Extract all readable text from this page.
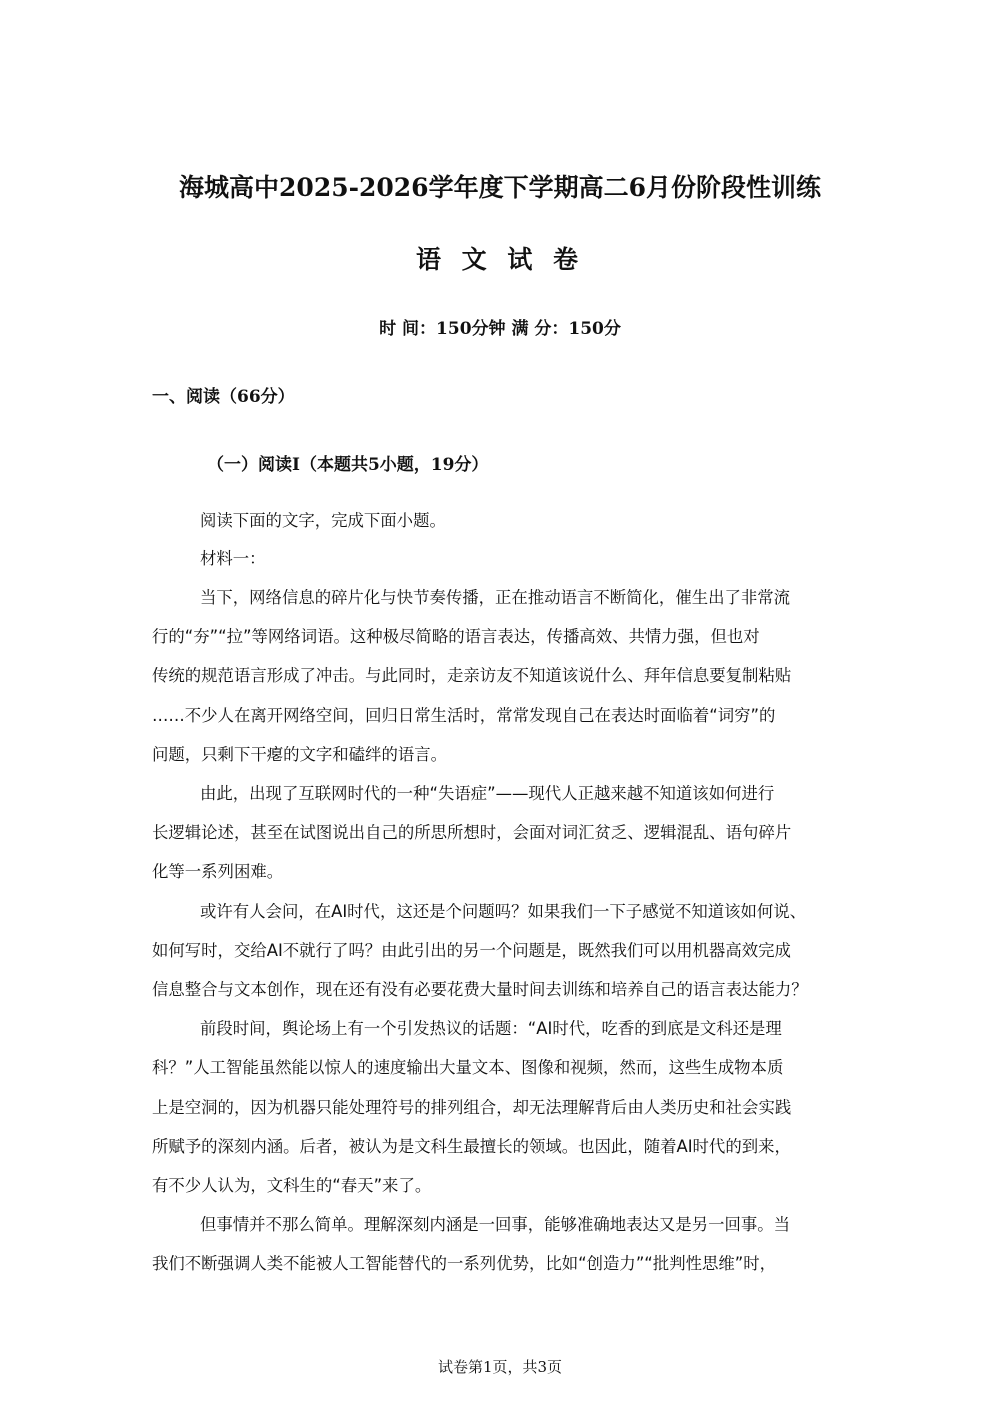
海城高中2025-2026学年度下学期高二6月份阶段性训练
语 文 试 卷
时 间：150分钟 满 分：150分
一、阅读（66分）
（一）阅读Ⅰ（本题共5小题，19分）
阅读下面的文字，完成下面小题。
材料一：
当下，网络信息的碎片化与快节奏传播，正在推动语言不断简化，催生出了非常流
行的“夯”“拉”等网络词语。这种极尽简略的语言表达，传播高效、共情力强，但也对
传统的规范语言形成了冲击。与此同时，走亲访友不知道该说什么、拜年信息要复制粘贴
……不少人在离开网络空间，回归日常生活时，常常发现自己在表达时面临着“词穷”的
问题，只剩下干瘪的文字和磕绊的语言。
由此，出现了互联网时代的一种“失语症”——现代人正越来越不知道该如何进行
长逻辑论述，甚至在试图说出自己的所思所想时，会面对词汇贫乏、逻辑混乱、语句碎片
化等一系列困难。
或许有人会问，在AI时代，这还是个问题吗？如果我们一下子感觉不知道该如何说、
如何写时，交给AI不就行了吗？由此引出的另一个问题是，既然我们可以用机器高效完成
信息整合与文本创作，现在还有没有必要花费大量时间去训练和培养自己的语言表达能力？
前段时间，舆论场上有一个引发热议的话题：“AI时代，吃香的到底是文科还是理
科？”人工智能虽然能以惊人的速度输出大量文本、图像和视频，然而，这些生成物本质
上是空洞的，因为机器只能处理符号的排列组合，却无法理解背后由人类历史和社会实践
所赋予的深刻内涵。后者，被认为是文科生最擅长的领域。也因此，随着AI时代的到来，
有不少人认为，文科生的“春天”来了。
但事情并不那么简单。理解深刻内涵是一回事，能够准确地表达又是另一回事。当
我们不断强调人类不能被人工智能替代的一系列优势，比如“创造力”“批判性思维”时，
试卷第1页，共3页
